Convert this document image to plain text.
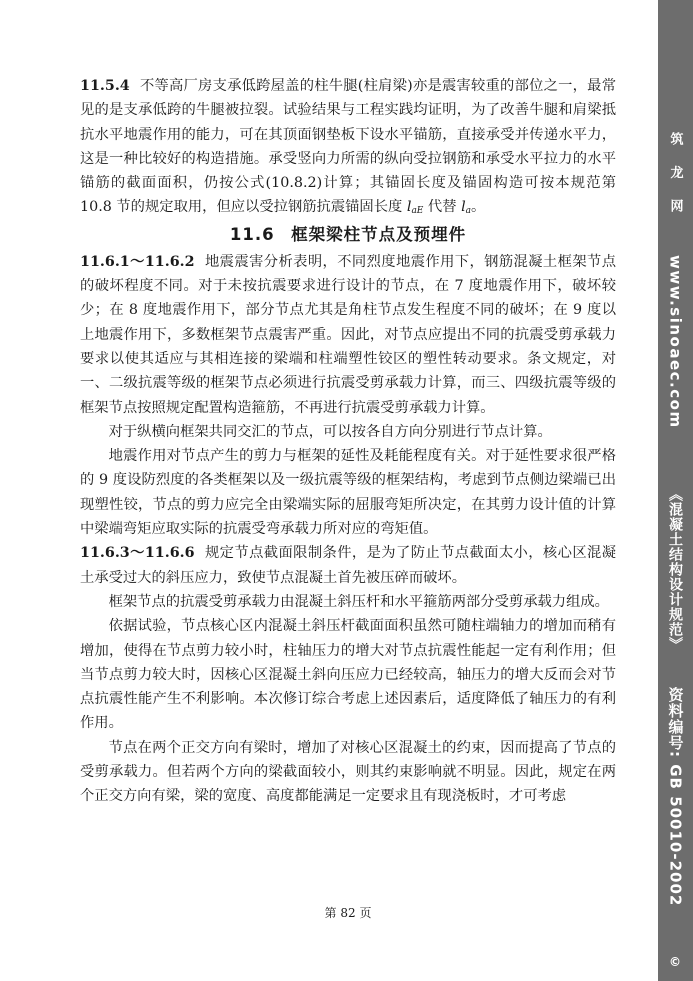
筑 龙 网
www.sinoaec.com
《混凝土结构设计规范》
资料编号: GB 50010-2002
©

11.5.4 不等高厂房支承低跨屋盖的柱牛腿(柱肩梁)亦是震害较重的部位之一，最常见的是支承低跨的牛腿被拉裂。试验结果与工程实践均证明，为了改善牛腿和肩梁抵抗水平地震作用的能力，可在其顶面钢垫板下设水平锚筋，直接承受并传递水平力，这是一种比较好的构造措施。承受竖向力所需的纵向受拉钢筋和承受水平拉力的水平锚筋的截面面积，仍按公式(10.8.2)计算；其锚固长度及锚固构造可按本规范第 10.8 节的规定取用，但应以受拉钢筋抗震锚固长度 $l_{aE}$ 代替 $l_a$。

11.6 框架梁柱节点及预埋件

11.6.1～11.6.2 地震震害分析表明，不同烈度地震作用下，钢筋混凝土框架节点的破坏程度不同。对于未按抗震要求进行设计的节点，在 7 度地震作用下，破坏较少；在 8 度地震作用下，部分节点尤其是角柱节点发生程度不同的破坏；在 9 度以上地震作用下，多数框架节点震害严重。因此，对节点应提出不同的抗震受剪承载力要求以使其适应与其相连接的梁端和柱端塑性铰区的塑性转动要求。条文规定，对一、二级抗震等级的框架节点必须进行抗震受剪承载力计算，而三、四级抗震等级的框架节点按照规定配置构造箍筋，不再进行抗震受剪承载力计算。

对于纵横向框架共同交汇的节点，可以按各自方向分别进行节点计算。

地震作用对节点产生的剪力与框架的延性及耗能程度有关。对于延性要求很严格的 9 度设防烈度的各类框架以及一级抗震等级的框架结构，考虑到节点侧边梁端已出现塑性铰，节点的剪力应完全由梁端实际的屈服弯矩所决定，在其剪力设计值的计算中梁端弯矩应取实际的抗震受弯承载力所对应的弯矩值。

11.6.3～11.6.6 规定节点截面限制条件，是为了防止节点截面太小，核心区混凝土承受过大的斜压应力，致使节点混凝土首先被压碎而破坏。

框架节点的抗震受剪承载力由混凝土斜压杆和水平箍筋两部分受剪承载力组成。

依据试验，节点核心区内混凝土斜压杆截面面积虽然可随柱端轴力的增加而稍有增加，使得在节点剪力较小时，柱轴压力的增大对节点抗震性能起一定有利作用；但当节点剪力较大时，因核心区混凝土斜向压应力已经较高，轴压力的增大反而会对节点抗震性能产生不利影响。本次修订综合考虑上述因素后，适度降低了轴压力的有利作用。

节点在两个正交方向有梁时，增加了对核心区混凝土的约束，因而提高了节点的受剪承载力。但若两个方向的梁截面较小，则其约束影响就不明显。因此，规定在两个正交方向有梁，梁的宽度、高度都能满足一定要求且有现浇板时，才可考虑

第 82 页
